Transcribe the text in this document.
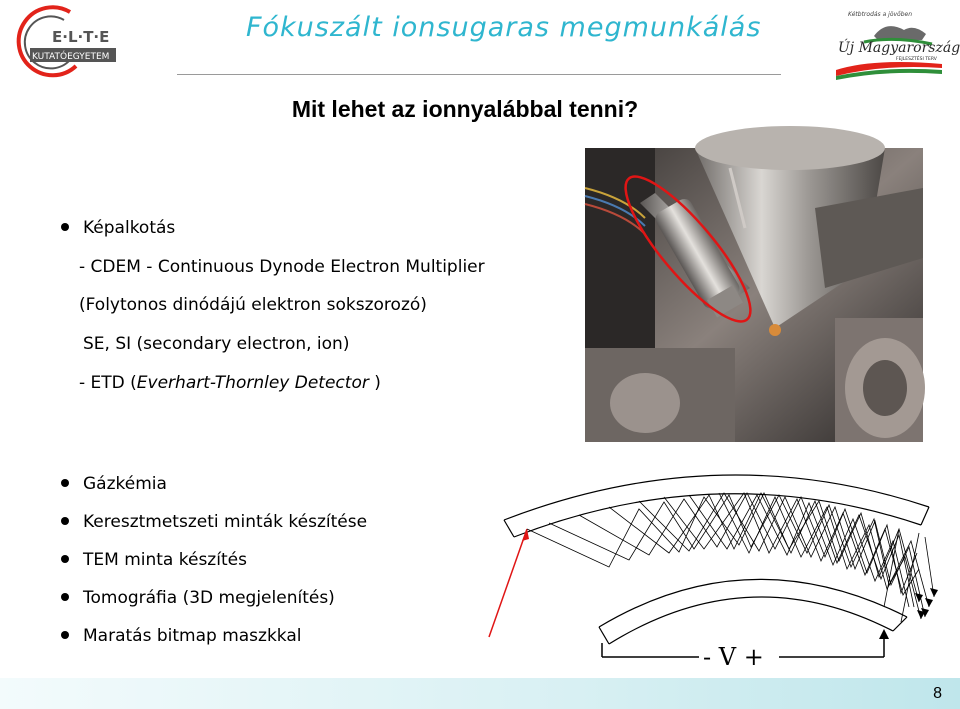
E·L·T·E
KUTATÓEGYETEM
Fókuszált ionsugaras megmunkálás	Kétbtrodás a jövőben
Új Magyarország
FEJLESZTÉSI TERV
Mit lehet az ionnyalábbal tenni?
Képalkotás
- CDEM - Continuous Dynode Electron Multiplier
(Folytonos dinódájú elektron sokszorozó)
SE, SI (secondary electron, ion)
- ETD (Everhart-Thornley Detector )
Gázkémia
Keresztmetszeti minták készítése
TEM minta készítés
Tomográfia (3D megjelenítés)
Maratás bitmap maszkkal
- V +
8
